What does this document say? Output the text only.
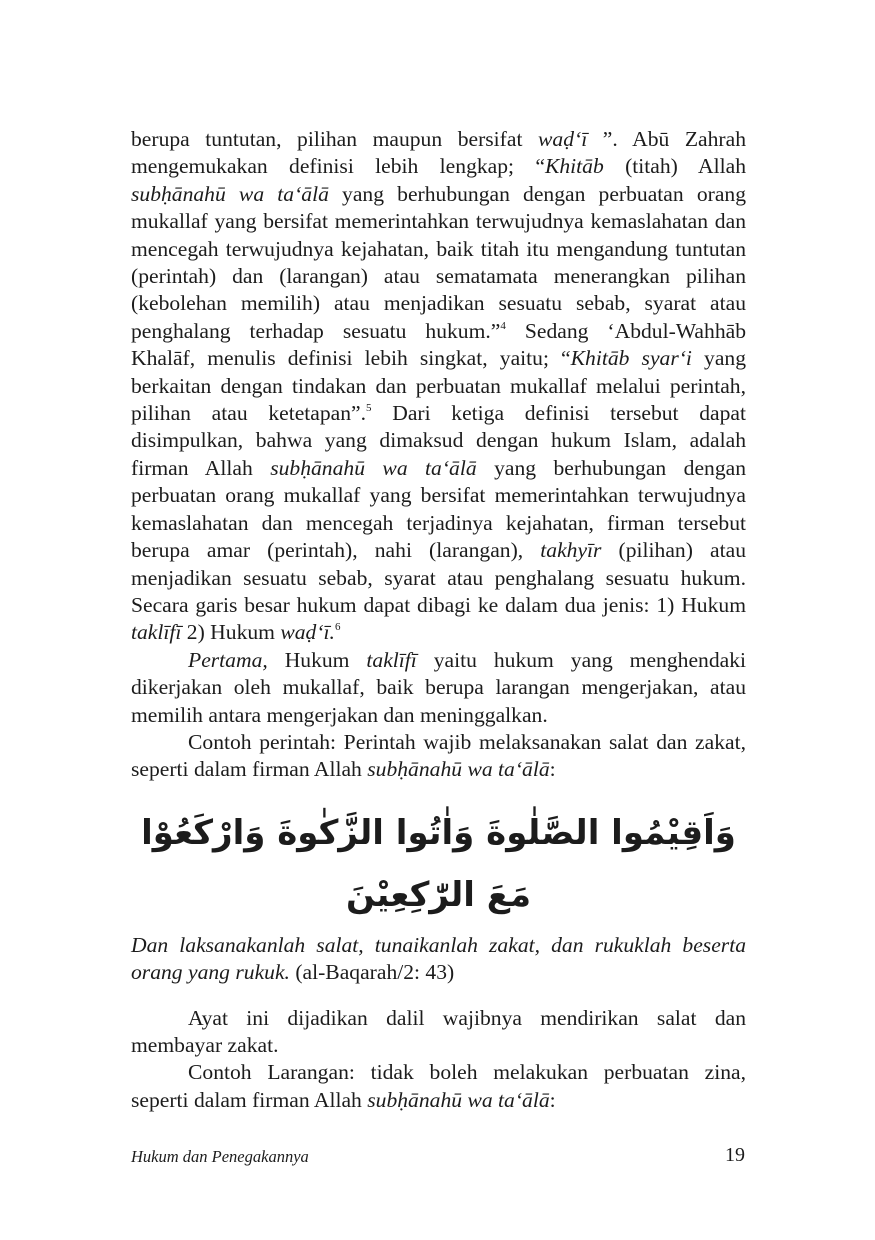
berupa tuntutan, pilihan maupun bersifat waḍ‘ī ”. Abū Zahrah mengemukakan definisi lebih lengkap; “Khitāb (titah) Allah subḥānahū wa ta‘ālā yang berhubungan dengan perbuatan orang mukallaf yang bersifat memerintahkan terwujudnya kemaslahatan dan mencegah terwujudnya kejahatan, baik titah itu mengandung tuntutan (perintah) dan (larangan) atau sematamata menerangkan pilihan (kebolehan memilih) atau menjadikan sesuatu sebab, syarat atau penghalang terhadap sesuatu hukum.”$^4$ Sedang ‘Abdul-Wahhāb Khalāf, menulis definisi lebih singkat, yaitu; “Khitāb syar‘i yang berkaitan dengan tindakan dan perbuatan mukallaf melalui perintah, pilihan atau ketetapan”.$^5$ Dari ketiga definisi tersebut dapat disimpulkan, bahwa yang dimaksud dengan hukum Islam, adalah firman Allah subḥānahū wa ta‘ālā yang berhubungan dengan perbuatan orang mukallaf yang bersifat memerintahkan terwujudnya kemaslahatan dan mencegah terjadinya kejahatan, firman tersebut berupa amar (perintah), nahi (larangan), takhyīr (pilihan) atau menjadikan sesuatu sebab, syarat atau penghalang sesuatu hukum. Secara garis besar hukum dapat dibagi ke dalam dua jenis: 1) Hukum taklīfī 2) Hukum waḍ‘ī.$^6$

Pertama, Hukum taklīfī yaitu hukum yang menghendaki dikerjakan oleh mukallaf, baik berupa larangan mengerjakan, atau memilih antara mengerjakan dan meninggalkan.

Contoh perintah: Perintah wajib melaksanakan salat dan zakat, seperti dalam firman Allah subḥānahū wa ta‘ālā:

وَاَقِيْمُوا الصَّلٰوةَ وَاٰتُوا الزَّكٰوةَ وَارْكَعُوْا مَعَ الرّٰكِعِيْنَ

Dan laksanakanlah salat, tunaikanlah zakat, dan rukuklah beserta orang yang rukuk. (al-Baqarah/2: 43)

Ayat ini dijadikan dalil wajibnya mendirikan salat dan membayar zakat.

Contoh Larangan: tidak boleh melakukan perbuatan zina, seperti dalam firman Allah subḥānahū wa ta‘ālā:

Hukum dan Penegakannya	19
